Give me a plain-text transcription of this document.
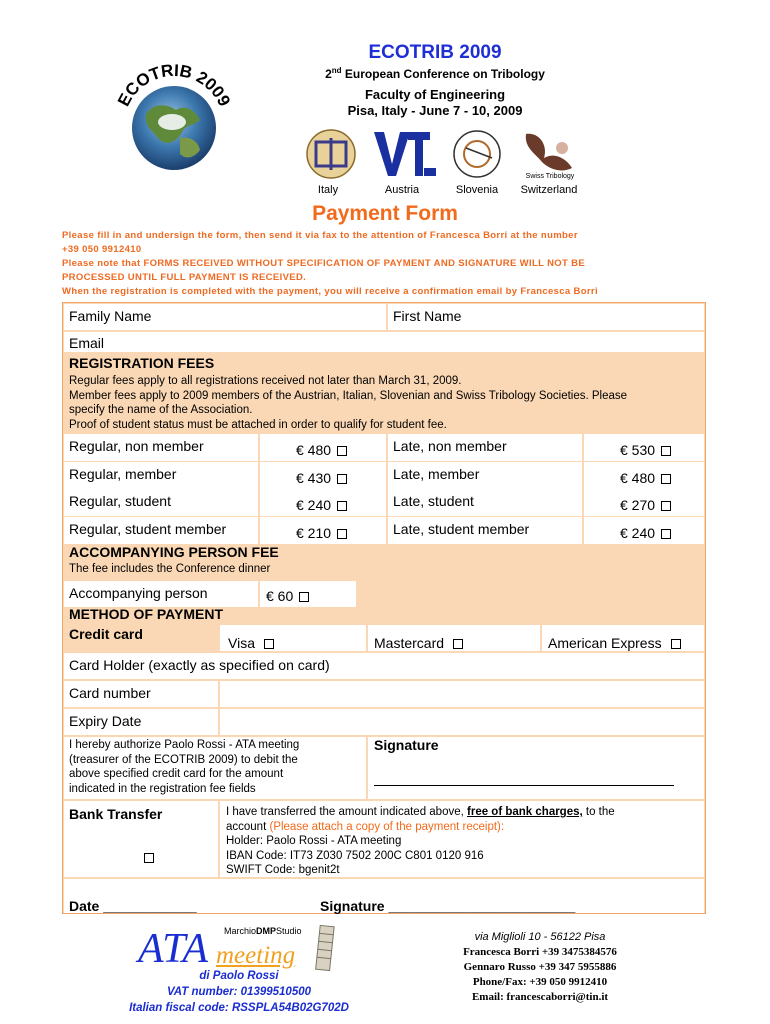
ECOTRIB 2009
ECOTRIB 2009
2nd European Conference on Tribology
Faculty of Engineering
Pisa, Italy - June 7 - 10, 2009
Swiss Tribology
Italy	Austria	Slovenia	Switzerland
Payment Form
Please fill in and undersign the form, then send it via fax to the attention of Francesca Borri at the number
+39 050 9912410
Please note that FORMS RECEIVED WITHOUT SPECIFICATION OF PAYMENT AND SIGNATURE WILL NOT BE
PROCESSED UNTIL FULL PAYMENT IS RECEIVED.
When the registration is completed with the payment, you will receive a confirmation email by Francesca Borri
Family Name	First Name
Email
REGISTRATION FEES
Regular fees apply to all registrations received not later than March 31, 2009.
Member fees apply to 2009 members of the Austrian, Italian, Slovenian and Swiss Tribology Societies. Please
specify the name of the Association.
Proof of student status must be attached in order to qualify for student fee.
Regular, non member	€ 480	Late, non member	€ 530
Regular, member	€ 430	Late, member	€ 480
Regular, student	€ 240	Late, student	€ 270
Regular, student member	€ 210	Late, student member	€ 240
ACCOMPANYING PERSON FEE
The fee includes the Conference dinner
Accompanying person	€ 60
METHOD OF PAYMENT
Credit card
Visa	Mastercard	American Express
Card Holder (exactly as specified on card)
Card number
Expiry Date
I hereby authorize Paolo Rossi - ATA meeting
(treasurer of the ECOTRIB 2009) to debit the
above specified credit card for the amount
indicated in the registration fee fields
Signature
Bank Transfer	I have transferred the amount indicated above, free of bank charges, to the
account (Please attach a copy of the payment receipt):
Holder: Paolo Rossi - ATA meeting
IBAN Code: IT73 Z030 7502 200C C801 0120 916
SWIFT Code: bgenit2t
Date ____________	Signature ________________________
MarchioDMPStudio
ATA meeting
di Paolo Rossi
VAT number: 01399510500
Italian fiscal code: RSSPLA54B02G702D
via Miglioli 10 - 56122 Pisa
Francesca Borri +39 3475384576
Gennaro Russo +39 347 5955886
Phone/Fax: +39 050 9912410
Email: francescaborri@tin.it
